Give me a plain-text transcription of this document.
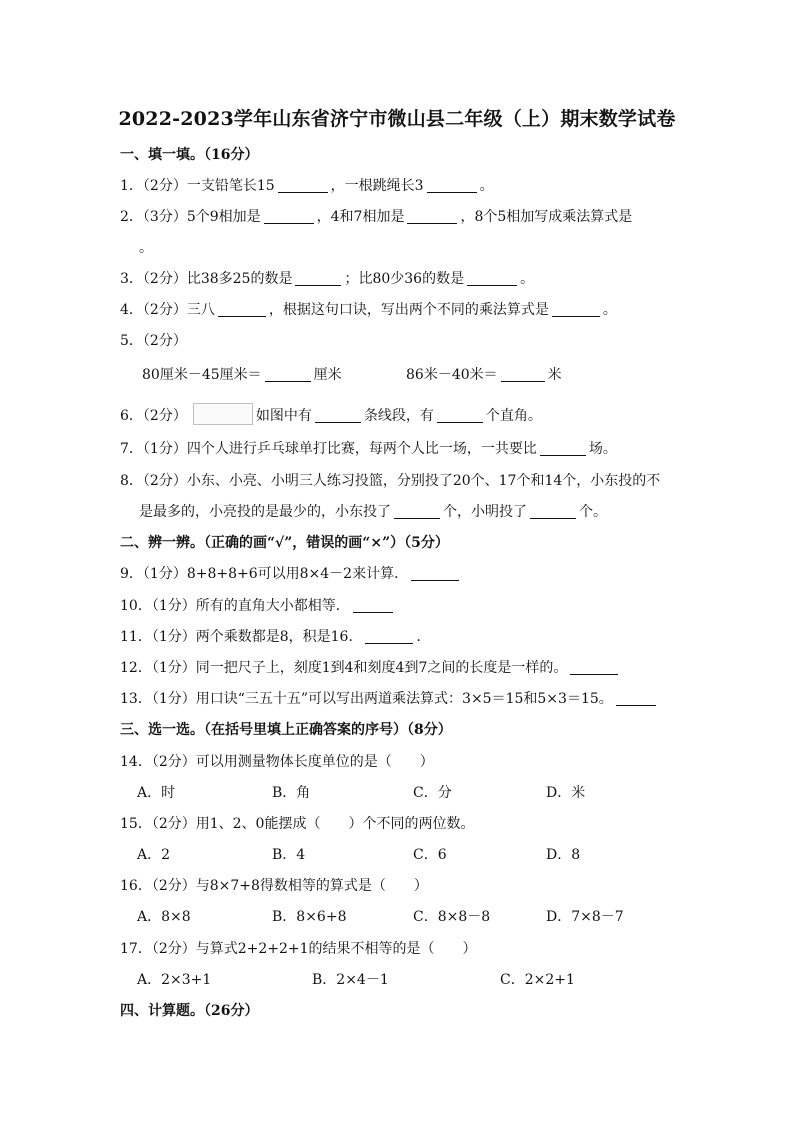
2022-2023学年山东省济宁市微山县二年级（上）期末数学试卷
一、填一填。（16分）
1．（2分）一支铅笔长15	，一根跳绳长3	。
2．（3分）5个9相加是	，4和7相加是	，8个5相加写成乘法算式是
。
3．（2分）比38多25的数是	；比80少36的数是	。
4．（2分）三八	，根据这句口诀，写出两个不同的乘法算式是	。
5．（2分）
80厘米－45厘米＝	厘米	86米－40米＝	米
6．（2分）	如图中有	条线段，有	个直角。
7．（1分）四个人进行乒乓球单打比赛，每两个人比一场，一共要比	场。
8．（2分）小东、小亮、小明三人练习投篮，分别投了20个、17个和14个，小东投的不
是最多的，小亮投的是最少的，小东投了	个，小明投了	个。
二、辨一辨。（正确的画“√”，错误的画“×”）（5分）
9．（1分）8+8+8+6可以用8×4－2来计算．
10．（1分）所有的直角大小都相等．
11．（1分）两个乘数都是8，积是16．	．
12．（1分）同一把尺子上，刻度1到4和刻度4到7之间的长度是一样的。
13．（1分）用口诀“三五十五”可以写出两道乘法算式：3×5＝15和5×3＝15。
三、选一选。（在括号里填上正确答案的序号）（8分）
14．（2分）可以用测量物体长度单位的是（　　）
A．时	B．角	C．分	D．米
15．（2分）用1、2、0能摆成（　　）个不同的两位数。
A．2	B．4	C．6	D．8
16．（2分）与8×7+8得数相等的算式是（　　）
A．8×8	B．8×6+8	C．8×8－8	D．7×8－7
17．（2分）与算式2+2+2+1的结果不相等的是（　　）
A．2×3+1	B．2×4－1	C．2×2+1
四、计算题。（26分）
